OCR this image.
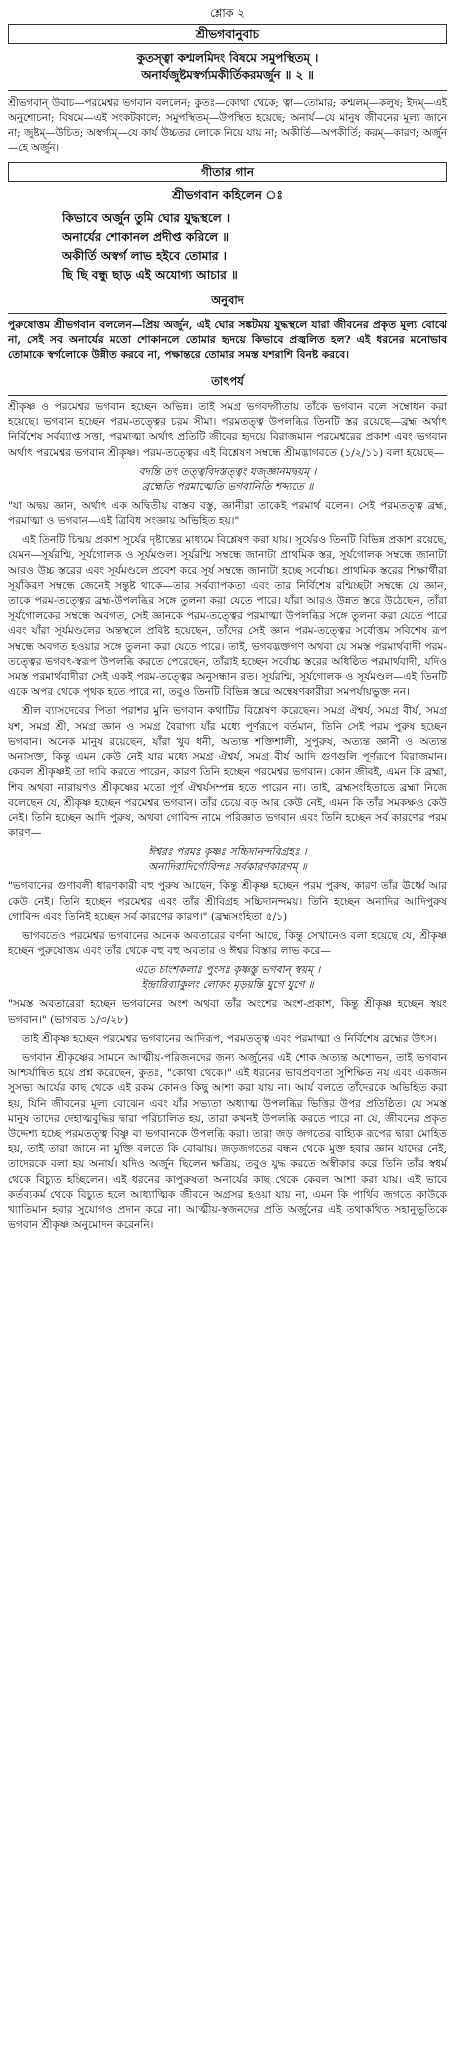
শ্লোক ২
শ্রীভগবানুবাচ
কুতস্ত্বা কশ্মলমিদং বিষমে সমুপস্থিতম্ ।
অনার্যজুষ্টমস্বর্গ্যমকীর্তিকরমর্জুন ॥ ২ ॥
শ্রীভগবান্ উবাচ—পরমেশ্বর ভগবান বললেন; কুতঃ—কোথা থেকে; ত্বা—তোমার; কশ্মলম্—কলুষ; ইদম্—এই অনুশোচনা; বিষমে—এই সংকটকালে; সমুপস্থিতম্—উপস্থিত হয়েছে; অনার্য—যে মানুষ জীবনের মূল্য জানে না; জুষ্টম্—উচিত; অস্বর্গ্যম্—যে কার্য উচ্চতর লোকে নিয়ে যায় না; অকীর্তি—অপকীর্তি; করম্—কারণ; অর্জুন—হে অর্জুন।
গীতার গান
শ্রীভগবান কহিলেন ঃ
কিভাবে অর্জুন তুমি ঘোর যুদ্ধস্থলে ।
অনার্যের শোকানল প্রদীপ্ত করিলে ॥
অকীর্তি অস্বর্গ লাভ হইবে তোমার ।
ছি ছি বন্ধু ছাড় এই অযোগ্য আচার ॥
অনুবাদ
পুরুষোত্তম শ্রীভগবান বললেন—প্রিয় অর্জুন, এই ঘোর সঙ্কটময় যুদ্ধস্থলে যারা জীবনের প্রকৃত মূল্য বোঝে না, সেই সব অনার্যের মতো শোকানলে তোমার হৃদয়ে কিভাবে প্রজ্বলিত হল? এই ধরনের মনোভাব তোমাকে স্বর্গলোকে উন্নীত করবে না, পক্ষান্তরে তোমার সমস্ত যশরাশি বিনষ্ট করবে।
তাৎপর্য

শ্রীকৃষ্ণ ও পরমেশ্বর ভগবান হচ্ছেন অভিন্ন। তাই সমগ্র ভগবদ্গীতায় তাঁকে ভগবান বলে সম্বোধন করা হয়েছে। ভগবান হচ্ছেন পরম-তত্ত্বের চরম সীমা। পরমতত্ত্ব উপলব্ধির তিনটি স্তর রয়েছে—ব্রহ্ম অর্থাৎ নির্বিশেষ সর্বব্যাপ্ত সত্তা, পরমাত্মা অর্থাৎ প্রতিটি জীবের হৃদয়ে বিরাজমান পরমেশ্বরের প্রকাশ এবং ভগবান অর্থাৎ পরমেশ্বর ভগবান শ্রীকৃষ্ণ। পরম-তত্ত্বের এই বিশ্লেষণ সম্বন্ধে শ্রীমদ্ভাগবতে (১/২/১১) বলা হয়েছে—

বদন্তি তৎ তত্ত্ববিদস্তত্ত্বং যজ্জ্ঞানমদ্বয়ম্ ।
ব্রহ্মেতি পরমাত্মেতি ভগবানিতি শব্দ্যতে ॥

"যা অদ্বয় জ্ঞান, অর্থাৎ এক অদ্বিতীয় বাস্তব বস্তু, জ্ঞানীরা তাকেই পরমার্থ বলেন। সেই পরমতত্ত্ব ব্রহ্ম, পরমাত্মা ও ভগবান—এই ত্রিবিধ সংজ্ঞায় অভিহিত হয়।"

এই তিনটি চিন্ময় প্রকাশ সূর্যের দৃষ্টান্তের মাধ্যমে বিশ্লেষণ করা যায়। সূর্যেরও তিনটি বিভিন্ন প্রকাশ রয়েছে, যেমন—সূর্যরশ্মি, সূর্যগোলক ও সূর্যমণ্ডল। সূর্যরশ্মি সম্বন্ধে জানাটা প্রাথমিক স্তর, সূর্যগোলক সম্বন্ধে জানাটা আরও উচ্চ স্তরের এবং সূর্যমণ্ডলে প্রবেশ করে সূর্য সম্বন্ধে জানাটা হচ্ছে সর্বোচ্চ। প্রাথমিক স্তরের শিক্ষার্থীরা সূর্যকিরণ সম্বন্ধে জেনেই সন্তুষ্ট থাকে—তার সর্বব্যাপকতা এবং তার নির্বিশেষ রশ্মিচ্ছটা সম্বন্ধে যে জ্ঞান, তাকে পরম-তত্ত্বের ব্রহ্ম-উপলব্ধির সঙ্গে তুলনা করা যেতে পারে। যাঁরা আরও উন্নত স্তরে উঠেছেন, তাঁরা সূর্যগোলকের সম্বন্ধে অবগত, সেই জ্ঞানকে পরম-তত্ত্বের পরমাত্মা উপলব্ধির সঙ্গে তুলনা করা যেতে পারে এবং যাঁরা সূর্যমণ্ডলের অন্তস্থলে প্রবিষ্ট হয়েছেন, তাঁদের সেই জ্ঞান পরম-তত্ত্বের সর্বোত্তম সবিশেষ রূপ সম্বন্ধে অবগত হওয়ার সঙ্গে তুলনা করা যেতে পারে। তাই, ভগবদ্ভক্তগণ অথবা যে সমস্ত পরমার্থবাদী পরম-তত্ত্বের ভগবৎ-স্বরূপ উপলব্ধি করতে পেরেছেন, তাঁরাই হচ্ছেন সর্বোচ্চ স্তরের অধিষ্ঠিত পরমার্থবাদী, যদিও সমস্ত পরমার্থবাদীরা সেই একই পরম-তত্ত্বের অনুসন্ধান রত। সূর্যরশ্মি, সূর্যগোলক ও সূর্যমণ্ডল—এই তিনটি একে অপর থেকে পৃথক হতে পারে না, তবুও তিনটি বিভিন্ন স্তরে অন্বেষণকারীরা সমপর্যায়ভুক্ত নন।

শ্রীল ব্যাসদেবের পিতা পরাশর মুনি ভগবান কথাটির বিশ্লেষণ করেছেন। সমগ্র ঐশ্বর্য, সমগ্র বীর্য, সমগ্র যশ, সমগ্র শ্রী, সমগ্র জ্ঞান ও সমগ্র বৈরাগ্য যাঁর মধ্যে পূর্ণরূপে বর্তমান, তিনি সেই পরম পুরুষ হচ্ছেন ভগবান। অনেক মানুষ রয়েছেন, যাঁরা খুব ধনী, অত্যন্ত শক্তিশালী, সুপুরুষ, অত্যন্ত জ্ঞানী ও অত্যন্ত অনাসক্ত, কিন্তু এমন কেউ নেই যার মধ্যে সমগ্র ঐশ্বর্য, সমগ্র বীর্য আদি গুণগুলি পূর্ণরূপে বিরাজমান। কেবল শ্রীকৃষ্ণই তা দাবি করতে পারেন, কারণ তিনি হচ্ছেন পরমেশ্বর ভগবান। কোন জীবই, এমন কি ব্রহ্মা, শিব অথবা নারায়ণও শ্রীকৃষ্ণের মতো পূর্ণ ঐশ্বর্যসম্পন্ন হতে পারেন না। তাই, ব্রহ্মসংহিতাতে ব্রহ্মা নিজে বলেছেন যে, শ্রীকৃষ্ণ হচ্ছেন পরমেশ্বর ভগবান। তাঁর চেয়ে বড় আর কেউ নেই, এমন কি তাঁর সমকক্ষও কেউ নেই। তিনি হচ্ছেন আদি পুরুষ, অথবা গোবিন্দ নামে পরিজ্ঞাত ভগবান এবং তিনি হচ্ছেন সর্ব কারণের পরম কারণ—

ঈশ্বরঃ পরমঃ কৃষ্ণঃ সচ্চিদানন্দবিগ্রহঃ ।
অনাদিরাদির্গোবিন্দঃ সর্বকারণকারণম্ ॥

"ভগবানের গুণাবলী ধারণকারী বহু পুরুষ আছেন, কিন্তু শ্রীকৃষ্ণ হচ্ছেন পরম পুরুষ, কারণ তাঁর ঊর্ধ্বে আর কেউ নেই। তিনি হচ্ছেন পরমেশ্বর এবং তাঁর শ্রীবিগ্রহ সচ্চিদানন্দময়। তিনি হচ্ছেন অনাদির আদিপুরুষ গোবিন্দ এবং তিনিই হচ্ছেন সর্ব কারণের কারণ।" (ব্রহ্মসংহিতা ৫/১)

ভাগবতেও পরমেশ্বর ভগবানের অনেক অবতারের বর্ণনা আছে, কিন্তু সেখানেও বলা হয়েছে যে, শ্রীকৃষ্ণ হচ্ছেন পুরুষোত্তম এবং তাঁর থেকে বহু বহু অবতার ও ঈশ্বর বিস্তার লাভ করে—

এতে চাংশকলাঃ পুংসঃ কৃষ্ণস্তু ভগবান্ স্বয়ম্ ।
ইন্দ্রারিব্যাকুলং লোকং মৃড়য়ন্তি যুগে যুগে ॥

"সমস্ত অবতারেরা হচ্ছেন ভগবানের অংশ অথবা তাঁর অংশের অংশ-প্রকাশ, কিন্তু শ্রীকৃষ্ণ হচ্ছেন স্বয়ং ভগবান।" (ভাগবত ১/৩/২৮)

তাই শ্রীকৃষ্ণ হচ্ছেন পরমেশ্বর ভগবানের আদিরূপ, পরমতত্ত্ব এবং পরমাত্মা ও নির্বিশেষ ব্রহ্মের উৎস।

ভগবান শ্রীকৃষ্ণের সামনে আত্মীয়-পরিজনদের জন্য অর্জুনের এই শোক অত্যন্ত অশোভন, তাই ভগবান আশ্চর্যান্বিত হয়ে প্রশ্ন করেছেন, কুতঃ, "কোথা থেকে।" এই ধরনের ভাবপ্রবণতা সুশিক্ষিত নয় এবং একজন সুসভ্য আর্যের কাছ থেকে এই রকম কোনও কিছু আশা করা যায় না। আর্য বলতে তাঁদেরকে অভিহিত করা হয়, যিনি জীবনের মূল্য বোঝেন এবং যাঁর সভ্যতা অধ্যাত্ম উপলব্ধির ভিত্তির উপর প্রতিষ্ঠিত। যে সমস্ত মানুষ তাদের দেহাত্মবুদ্ধির দ্বারা পরিচালিত হয়, তারা কখনই উপলব্ধি করতে পারে না যে, জীবনের প্রকৃত উদ্দেশ্য হচ্ছে পরমতত্ত্ব বিষ্ণু বা ভগবানকে উপলব্ধি করা। তারা জড় জগতের বাহ্যিক রূপের দ্বারা মোহিত হয়, তাই তারা জানে না মুক্তি বলতে কি বোঝায়। জড়জগতের বন্ধন থেকে মুক্ত হবার জ্ঞান যাদের নেই, তাদেরকে বলা হয় অনার্য। যদিও অর্জুন ছিলেন ক্ষত্রিয়, তবুও যুদ্ধ করতে অস্বীকার করে তিনি তাঁর স্বধর্ম থেকে বিচ্যুত হচ্ছিলেন। এই ধরনের কাপুরুষতা অনার্যের কাছ থেকে কেবল আশা করা যায়। এই ভাবে কর্তব্যকর্ম থেকে বিচ্যুত হলে আধ্যাত্মিক জীবনে অগ্রসর হওয়া যায় না, এমন কি পার্থিব জগতে কাউকে খ্যাতিমান হবার সুযোগও প্রদান করে না। আত্মীয়-স্বজনদের প্রতি অর্জুনের এই তথাকথিত সহানুভূতিকে ভগবান শ্রীকৃষ্ণ অনুমোদন করেননি।
